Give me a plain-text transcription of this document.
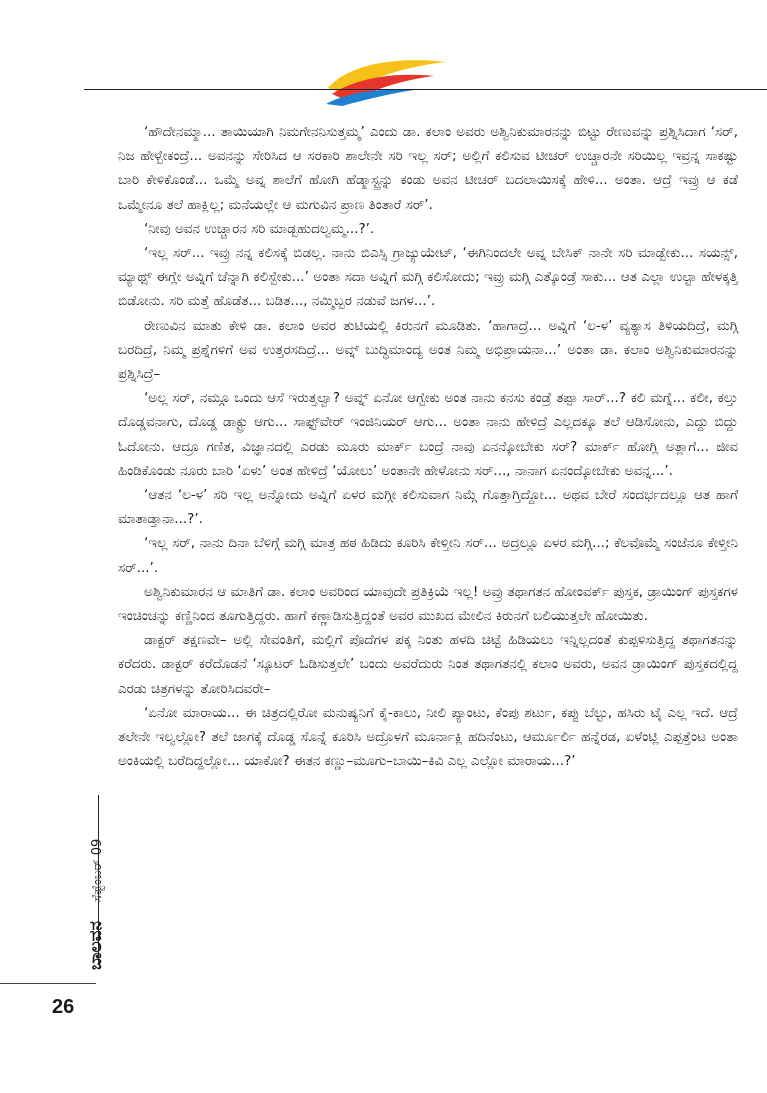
‘ಹೌದೇನಮ್ಮಾ... ತಾಯಿಯಾಗಿ ನಿಮಗೇನನಿಸುತ್ತಮ್ಮ’ ಎಂದು ಡಾ. ಕಲಾಂ ಅವರು ಅಶ್ವಿನಿಕುಮಾರನನ್ನು ಬಿಟ್ಟು ರೇಣುವನ್ನು ಪ್ರಶ್ನಿಸಿದಾಗ ‘ಸರ್, ನಿಜ ಹೇಳ್ಬೇಕಂದ್ರೆ... ಅವನನ್ನು ಸೇರಿಸಿದ ಆ ಸರಕಾರಿ ಶಾಲೇನೇ ಸರಿ ಇಲ್ಲ ಸರ್; ಅಲ್ಲಿಗೆ ಕಲಿಸುವ ಟೀಚರ್ ಉಚ್ಚಾರನೇ ಸರಿಯಿಲ್ಲ ಇವ್ರನ್ನ ಸಾಕಷ್ಟು ಬಾರಿ ಕೇಳಿಕೊಂಡೆ... ಒಮ್ಮೆ ಅವ್ನ ಶಾಲೆಗೆ ಹೋಗಿ ಹೆಡ್ಮಾಸ್ಟ್ರನ್ನು ಕಂಡು ಅವನ ಟೀಚರ್ ಬದಲಾಯಿಸಕ್ಕೆ ಹೇಳಿ... ಅಂತಾ. ಆದ್ರೆ ಇವ್ರು ಆ ಕಡೆ ಒಮ್ಮೇನೂ ತಲೆ ಹಾಕ್ಲಿಲ್ಲ; ಮನೆಯಲ್ಲೇ ಆ ಮಗುವಿನ ಪ್ರಾಣ ತಿಂತಾರೆ ಸರ್’.

‘ನೀವು ಅವನ ಉಚ್ಚಾರನ ಸರಿ ಮಾಡ್ಬಹುದಲ್ವಮ್ಮ...?’.

‘ಇಲ್ಲ ಸರ್... ಇವ್ರು ನನ್ನ ಕಲಿಸಕ್ಕೆ ಬಿಡಲ್ಲ. ನಾನು ಬಿಎಸ್ಸಿ ಗ್ರಾಜ್ಯುಯೇಟ್, ‘ಈಗಿನಿಂದಲೇ ಅವ್ನ ಬೇಸಿಕ್ ನಾನೇ ಸರಿ ಮಾಡ್ಬೇಕು... ಸಯನ್ಸ್, ಮ್ಯಾಥ್ಸ್ ಈಗ್ಲೇ ಅವ್ನಿಗೆ ಚೆನ್ನಾಗಿ ಕಲಿಸ್ಬೇಕು...’ ಅಂತಾ ಸದಾ ಅವ್ನಿಗೆ ಮಗ್ಗಿ ಕಲಿಸೋದು; ಇವ್ರು ಮಗ್ಗಿ ಎತ್ಕೊಂಡ್ರೆ ಸಾಕು... ಆತ ಎಲ್ಲಾ ಉಲ್ಟಾ ಹೇಳಕ್ಕತ್ತಿ ಬಿಡೋನು. ಸರಿ ಮತ್ತೆ ಹೊಡೆತ... ಬಡಿತ..., ನಮ್ಮಿಬ್ಬರ ನಡುವೆ ಜಗಳ...’.

ರೇಣುವಿನ ಮಾತು ಕೇಳಿ ಡಾ. ಕಲಾಂ ಅವರ ತುಟಿಯಲ್ಲಿ ಕಿರುನಗೆ ಮೂಡಿತು. ‘ಹಾಗಾದ್ರೆ... ಅವ್ನಿಗೆ ‘ಲ-ಳ’ ವ್ಯತ್ಯಾಸ ತಿಳಿಯದಿದ್ರೆ, ಮಗ್ಗಿ ಬರದಿದ್ರೆ, ನಿಮ್ಮ ಪ್ರಶ್ನೆಗಳಿಗೆ ಅವ ಉತ್ತರಸದಿದ್ರೆ... ಅವ್ನ್ ಬುದ್ಧಿಮಾಂದ್ಯ ಅಂತ ನಿಮ್ಮ ಅಭಿಪ್ರಾಯನಾ...’ ಅಂತಾ ಡಾ. ಕಲಾಂ ಅಶ್ವಿನಿಕುಮಾರನನ್ನು ಪ್ರಶ್ನಿಸಿದ್ರೆ–

‘ಅಲ್ಲ ಸರ್, ನಮ್ಗೂ ಒಂದು ಆಸೆ ಇರುತ್ತಲ್ವಾ? ಅವ್ನ್ ಏನೋ ಆಗ್ಬೇಕು ಅಂತ ನಾನು ಕನಸು ಕಂಡ್ರೆ ತಪ್ಪಾ ಸಾರ್...? ಕಲಿ ಮಗ್ನೆ... ಕಲೀ, ಕಲ್ತು ದೊಡ್ಡವನಾಗು, ದೊಡ್ಡ ಡಾಕ್ಟ್ರು ಆಗು... ಸಾಫ್ಟ್‌ವೇರ್ ಇಂಜಿನಿಯರ್ ಆಗು... ಅಂತಾ ನಾನು ಹೇಳಿದ್ರೆ ಎಲ್ಲದಕ್ಕೂ ತಲೆ ಆಡಿಸೋನು, ಎದ್ದು ಬಿದ್ದು ಓದೋನು. ಆದ್ರೂ ಗಣಿತ, ವಿಜ್ಞಾನದಲ್ಲಿ ಎರಡು ಮೂರು ಮಾರ್ಕ್ ಬಂದ್ರೆ ನಾವು ಏನನ್ಕೋಬೇಕು ಸರ್? ಮಾರ್ಕ್ ಹೋಗ್ಲಿ ಅತ್ಲಾಗೆ... ಜೀವ ಹಿಂಡಿಕೊಂಡು ನೂರು ಬಾರಿ ‘ಏಳು’ ಅಂತ ಹೇಳಿದ್ರೆ ‘ಯೋಲು’ ಅಂತಾನೇ ಹೇಳೋನು ಸರ್..., ನಾನಾಗ ಏನಂದ್ಕೋಬೇಕು ಅವನ್ನ...’.

‘ಆತನ ‘ಲ-ಳ’ ಸರಿ ಇಲ್ಲ ಅನ್ನೋದು ಅವ್ನಿಗೆ ಏಳರ ಮಗ್ಗೀ ಕಲಿಸುವಾಗ ನಿಮ್ಗೆ ಗೊತ್ತಾಗ್ತಿದ್ದೋ... ಅಥವ ಬೇರೆ ಸಂದರ್ಭದಲ್ಲೂ ಆತ ಹಾಗೆ ಮಾತಾಡ್ತಾನಾ...?’.

‘ಇಲ್ಲ ಸರ್, ನಾನು ದಿನಾ ಬೆಳಿಗ್ಗೆ ಮಗ್ಗಿ ಮಾತ್ರ ಹಠ ಹಿಡಿದು ಕೂರಿಸಿ ಕೇಳ್ತೀನಿ ಸರ್... ಅದ್ರಲ್ಲೂ ಏಳರ ಮಗ್ಗಿ...; ಕೆಲವೊಮ್ಮೆ ಸಂಜೆನೂ ಕೇಳ್ತೀನಿ ಸರ್...’.

ಅಶ್ವಿನಿಕುಮಾರನ ಆ ಮಾತಿಗೆ ಡಾ. ಕಲಾಂ ಅವರಿಂದ ಯಾವುದೇ ಪ್ರತಿಕ್ರಿಯೆ ಇಲ್ಲ! ಅವ್ರು ತಥಾಗತನ ಹೋಂವರ್ಕ್ ಪುಸ್ತಕ, ಡ್ರಾಯಿಂಗ್ ಪುಸ್ತಕಗಳ ಇಂಚಿಂಚನ್ನು ಕಣ್ಣಿನಿಂದ ತೂಗುತ್ತಿದ್ದರು. ಹಾಗೆ ಕಣ್ಣಾಡಿಸುತ್ತಿದ್ದಂತೆ ಅವರ ಮುಖದ ಮೇಲಿನ ಕಿರುನಗೆ ಬಲಿಯುತ್ತಲೇ ಹೋಯಿತು.

ಡಾಕ್ಟರ್ ತಕ್ಷಣವೇ– ಅಲ್ಲಿ ಸೇವಂತಿಗೆ, ಮಲ್ಲಿಗೆ ಪೊದೆಗಳ ಪಕ್ಕ ನಿಂತು ಹಳದಿ ಚಿಟ್ಟೆ ಹಿಡಿಯಲು ಇನ್ನಿಲ್ಲದಂತೆ ಕುಪ್ಪಳಿಸುತ್ತಿದ್ದ ತಥಾಗತನನ್ನು ಕರೆದರು. ಡಾಕ್ಟರ್ ಕರೆದೊಡನೆ ‘ಸ್ಕೂಟರ್ ಓಡಿಸುತ್ತಲೇ’ ಬಂದು ಅವರೆದುರು ನಿಂತ ತಥಾಗತನಲ್ಲಿ ಕಲಾಂ ಅವರು, ಅವನ ಡ್ರಾಯಿಂಗ್ ಪುಸ್ತಕದಲ್ಲಿದ್ದ ಎರಡು ಚಿತ್ರಗಳನ್ನು ತೋರಿಸಿದವರೇ–

‘ಏನೋ ಮಾರಾಯ... ಈ ಚಿತ್ರದಲ್ಲಿರೋ ಮನುಷ್ಯನಿಗೆ ಕೈ-ಕಾಲು, ನೀಲಿ ಪ್ಯಾಂಟು, ಕೆಂಪು ಶರ್ಟು, ಕಪ್ಪು ಬೆಲ್ಟು, ಹಸಿರು ಟೈ ಎಲ್ಲ ಇದೆ. ಆದ್ರೆ ತಲೇನೇ ಇಲ್ವಲ್ಲೋ? ತಲೆ ಜಾಗಕ್ಕೆ ದೊಡ್ಡ ಸೊನ್ನೆ ಕೂರಿಸಿ ಅದ್ರೊಳಗೆ ಮೂರ್ನಾಕ್ಲಿ ಹದಿನೆಂಟು, ಆರ್ಮೂರ್ಲಿ ಹನ್ನೆರಡ, ಏಳೆಂಟ್ಲಿ ಎಪ್ಪತ್ತೆಂಟ ಅಂತಾ ಅಂಕಿಯಲ್ಲಿ ಬರೆದಿದ್ದಲ್ಲೋ... ಯಾಕೋ? ಈತನ ಕಣ್ಣು–ಮೂಗು–ಬಾಯಿ–ಕಿವಿ ಎಲ್ಲ ಎಲ್ಲೋ ಮಾರಾಯ...?’

ಬಾಲವನ ಸೆಪ್ಟೆಂಬರ್ 09
26
